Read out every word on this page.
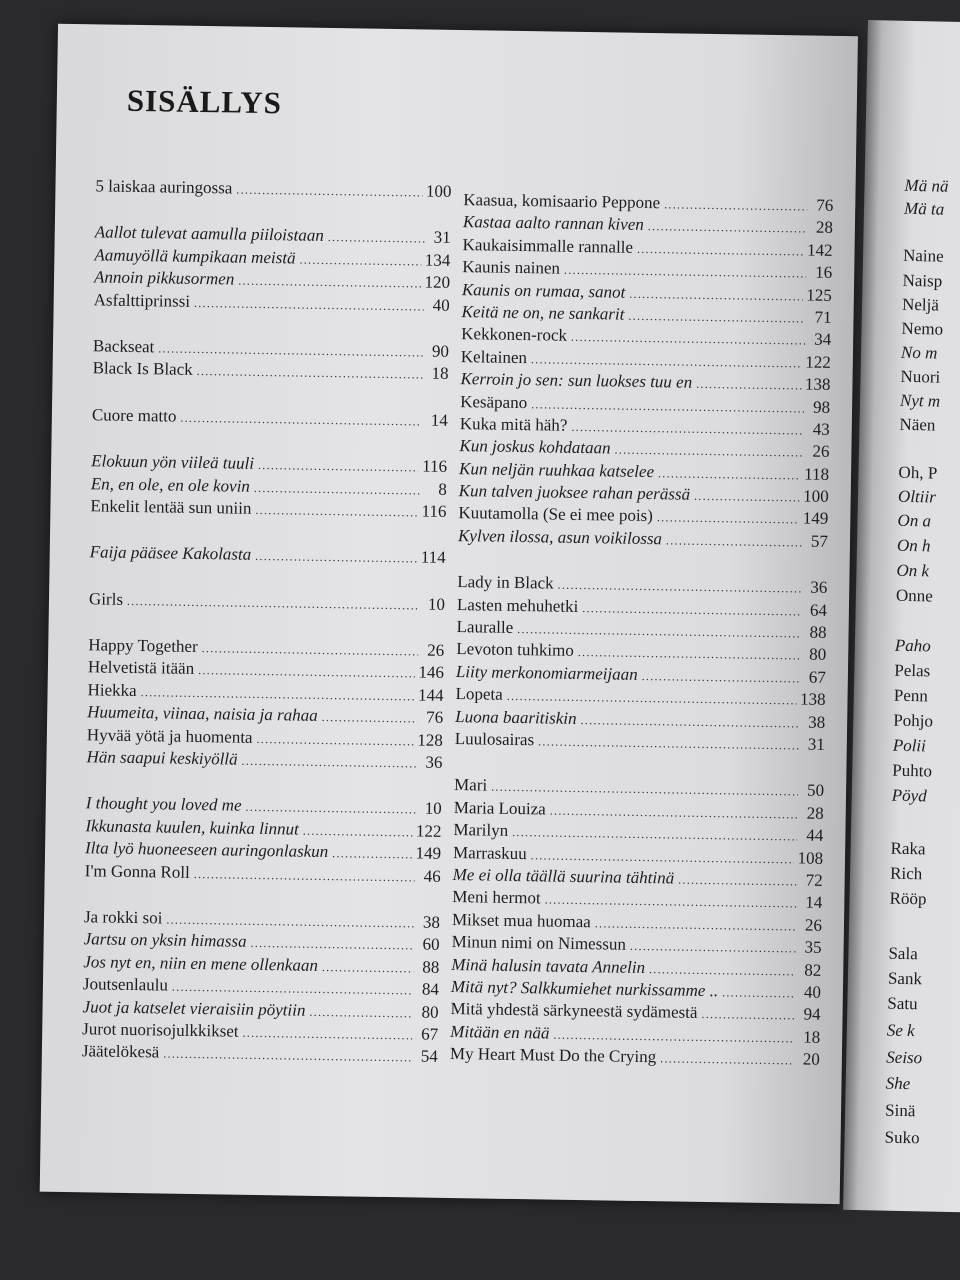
SISÄLLYS
5 laiskaa auringossa .....	100
Aallot tulevat aamulla piiloistaan .....	31
Aamuyöllä kumpikaan meistä .....	134
Annoin pikkusormen .....	120
Asfalttiprinssi .....	40
Backseat .....	90
Black Is Black .....	18
Cuore matto .....	14
Elokuun yön viileä tuuli .....	116
En, en ole, en ole kovin .....	8
Enkelit lentää sun uniin .....	116
Faija pääsee Kakolasta .....	114
Girls .....	10
Happy Together .....	26
Helvetistä itään .....	146
Hiekka .....	144
Huumeita, viinaa, naisia ja rahaa .....	76
Hyvää yötä ja huomenta .....	128
Hän saapui keskiyöllä .....	36
I thought you loved me .....	10
Ikkunasta kuulen, kuinka linnut .....	122
Ilta lyö huoneeseen auringonlaskun .....	149
I'm Gonna Roll .....	46
Ja rokki soi .....	38
Jartsu on yksin himassa .....	60
Jos nyt en, niin en mene ollenkaan .....	88
Joutsenlaulu .....	84
Juot ja katselet vieraisiin pöytiin .....	80
Jurot nuorisojulkkikset .....	67
Jäätelökesä .....	54
Kaasua, komisaario Peppone .....	76
Kastaa aalto rannan kiven .....	28
Kaukaisimmalle rannalle .....	142
Kaunis nainen .....	16
Kaunis on rumaa, sanot .....	125
Keitä ne on, ne sankarit .....	71
Kekkonen-rock .....	34
Keltainen .....	122
Kerroin jo sen: sun luokses tuu en .....	138
Kesäpano .....	98
Kuka mitä häh? .....	43
Kun joskus kohdataan .....	26
Kun neljän ruuhkaa katselee .....	118
Kun talven juoksee rahan perässä .....	100
Kuutamolla (Se ei mee pois) .....	149
Kylven ilossa, asun voikilossa .....	57
Lady in Black .....	36
Lasten mehuhetki .....	64
Lauralle .....	88
Levoton tuhkimo .....	80
Liity merkonomiarmeijaan .....	67
Lopeta .....	138
Luona baaritiskin .....	38
Luulosairas .....	31
Mari .....	50
Maria Louiza .....	28
Marilyn .....	44
Marraskuu .....	108
Me ei olla täällä suurina tähtinä .....	72
Meni hermot .....	14
Mikset mua huomaa .....	26
Minun nimi on Nimessun .....	35
Minä halusin tavata Annelin .....	82
Mitä nyt? Salkkumiehet nurkissamme .. .....	40
Mitä yhdestä särkyneestä sydämestä .....	94
Mitään en nää .....	18
My Heart Must Do the Crying .....	20
Mä nä
Mä ta
Naine
Naisp
Neljä
Nemo
No m
Nuori
Nyt m
Näen
Oh, P
Oltiir
On a
On h
On k
Onne
Paho
Pelas
Penn
Pohjo
Polii
Puhto
Pöyd
Raka
Rich
Rööp
Sala
Sank
Satu
Se k
Seiso
She
Sinä
Suko
